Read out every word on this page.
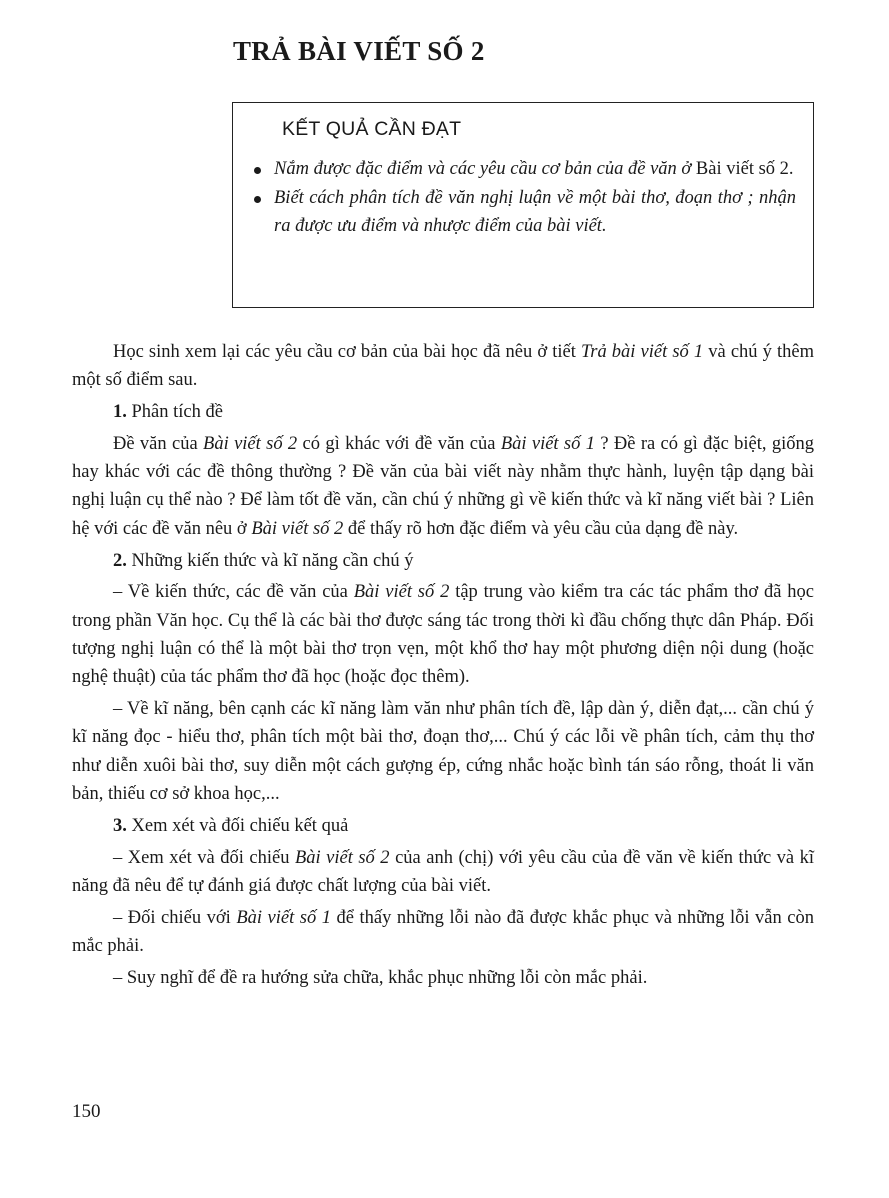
TRẢ BÀI VIẾT SỐ 2
KẾT QUẢ CẦN ĐẠT
Nắm được đặc điểm và các yêu cầu cơ bản của đề văn ở Bài viết số 2.
Biết cách phân tích đề văn nghị luận về một bài thơ, đoạn thơ ; nhận ra được ưu điểm và nhược điểm của bài viết.

Học sinh xem lại các yêu cầu cơ bản của bài học đã nêu ở tiết Trả bài viết số 1 và chú ý thêm một số điểm sau.

1. Phân tích đề

Đề văn của Bài viết số 2 có gì khác với đề văn của Bài viết số 1 ? Đề ra có gì đặc biệt, giống hay khác với các đề thông thường ? Đề văn của bài viết này nhằm thực hành, luyện tập dạng bài nghị luận cụ thể nào ? Để làm tốt đề văn, cần chú ý những gì về kiến thức và kĩ năng viết bài ? Liên hệ với các đề văn nêu ở Bài viết số 2 để thấy rõ hơn đặc điểm và yêu cầu của dạng đề này.

2. Những kiến thức và kĩ năng cần chú ý

– Về kiến thức, các đề văn của Bài viết số 2 tập trung vào kiểm tra các tác phẩm thơ đã học trong phần Văn học. Cụ thể là các bài thơ được sáng tác trong thời kì đầu chống thực dân Pháp. Đối tượng nghị luận có thể là một bài thơ trọn vẹn, một khổ thơ hay một phương diện nội dung (hoặc nghệ thuật) của tác phẩm thơ đã học (hoặc đọc thêm).

– Về kĩ năng, bên cạnh các kĩ năng làm văn như phân tích đề, lập dàn ý, diễn đạt,... cần chú ý kĩ năng đọc - hiểu thơ, phân tích một bài thơ, đoạn thơ,... Chú ý các lỗi về phân tích, cảm thụ thơ như diễn xuôi bài thơ, suy diễn một cách gượng ép, cứng nhắc hoặc bình tán sáo rỗng, thoát li văn bản, thiếu cơ sở khoa học,...

3. Xem xét và đối chiếu kết quả

– Xem xét và đối chiếu Bài viết số 2 của anh (chị) với yêu cầu của đề văn về kiến thức và kĩ năng đã nêu để tự đánh giá được chất lượng của bài viết.

– Đối chiếu với Bài viết số 1 để thấy những lỗi nào đã được khắc phục và những lỗi vẫn còn mắc phải.

– Suy nghĩ để đề ra hướng sửa chữa, khắc phục những lỗi còn mắc phải.

150
